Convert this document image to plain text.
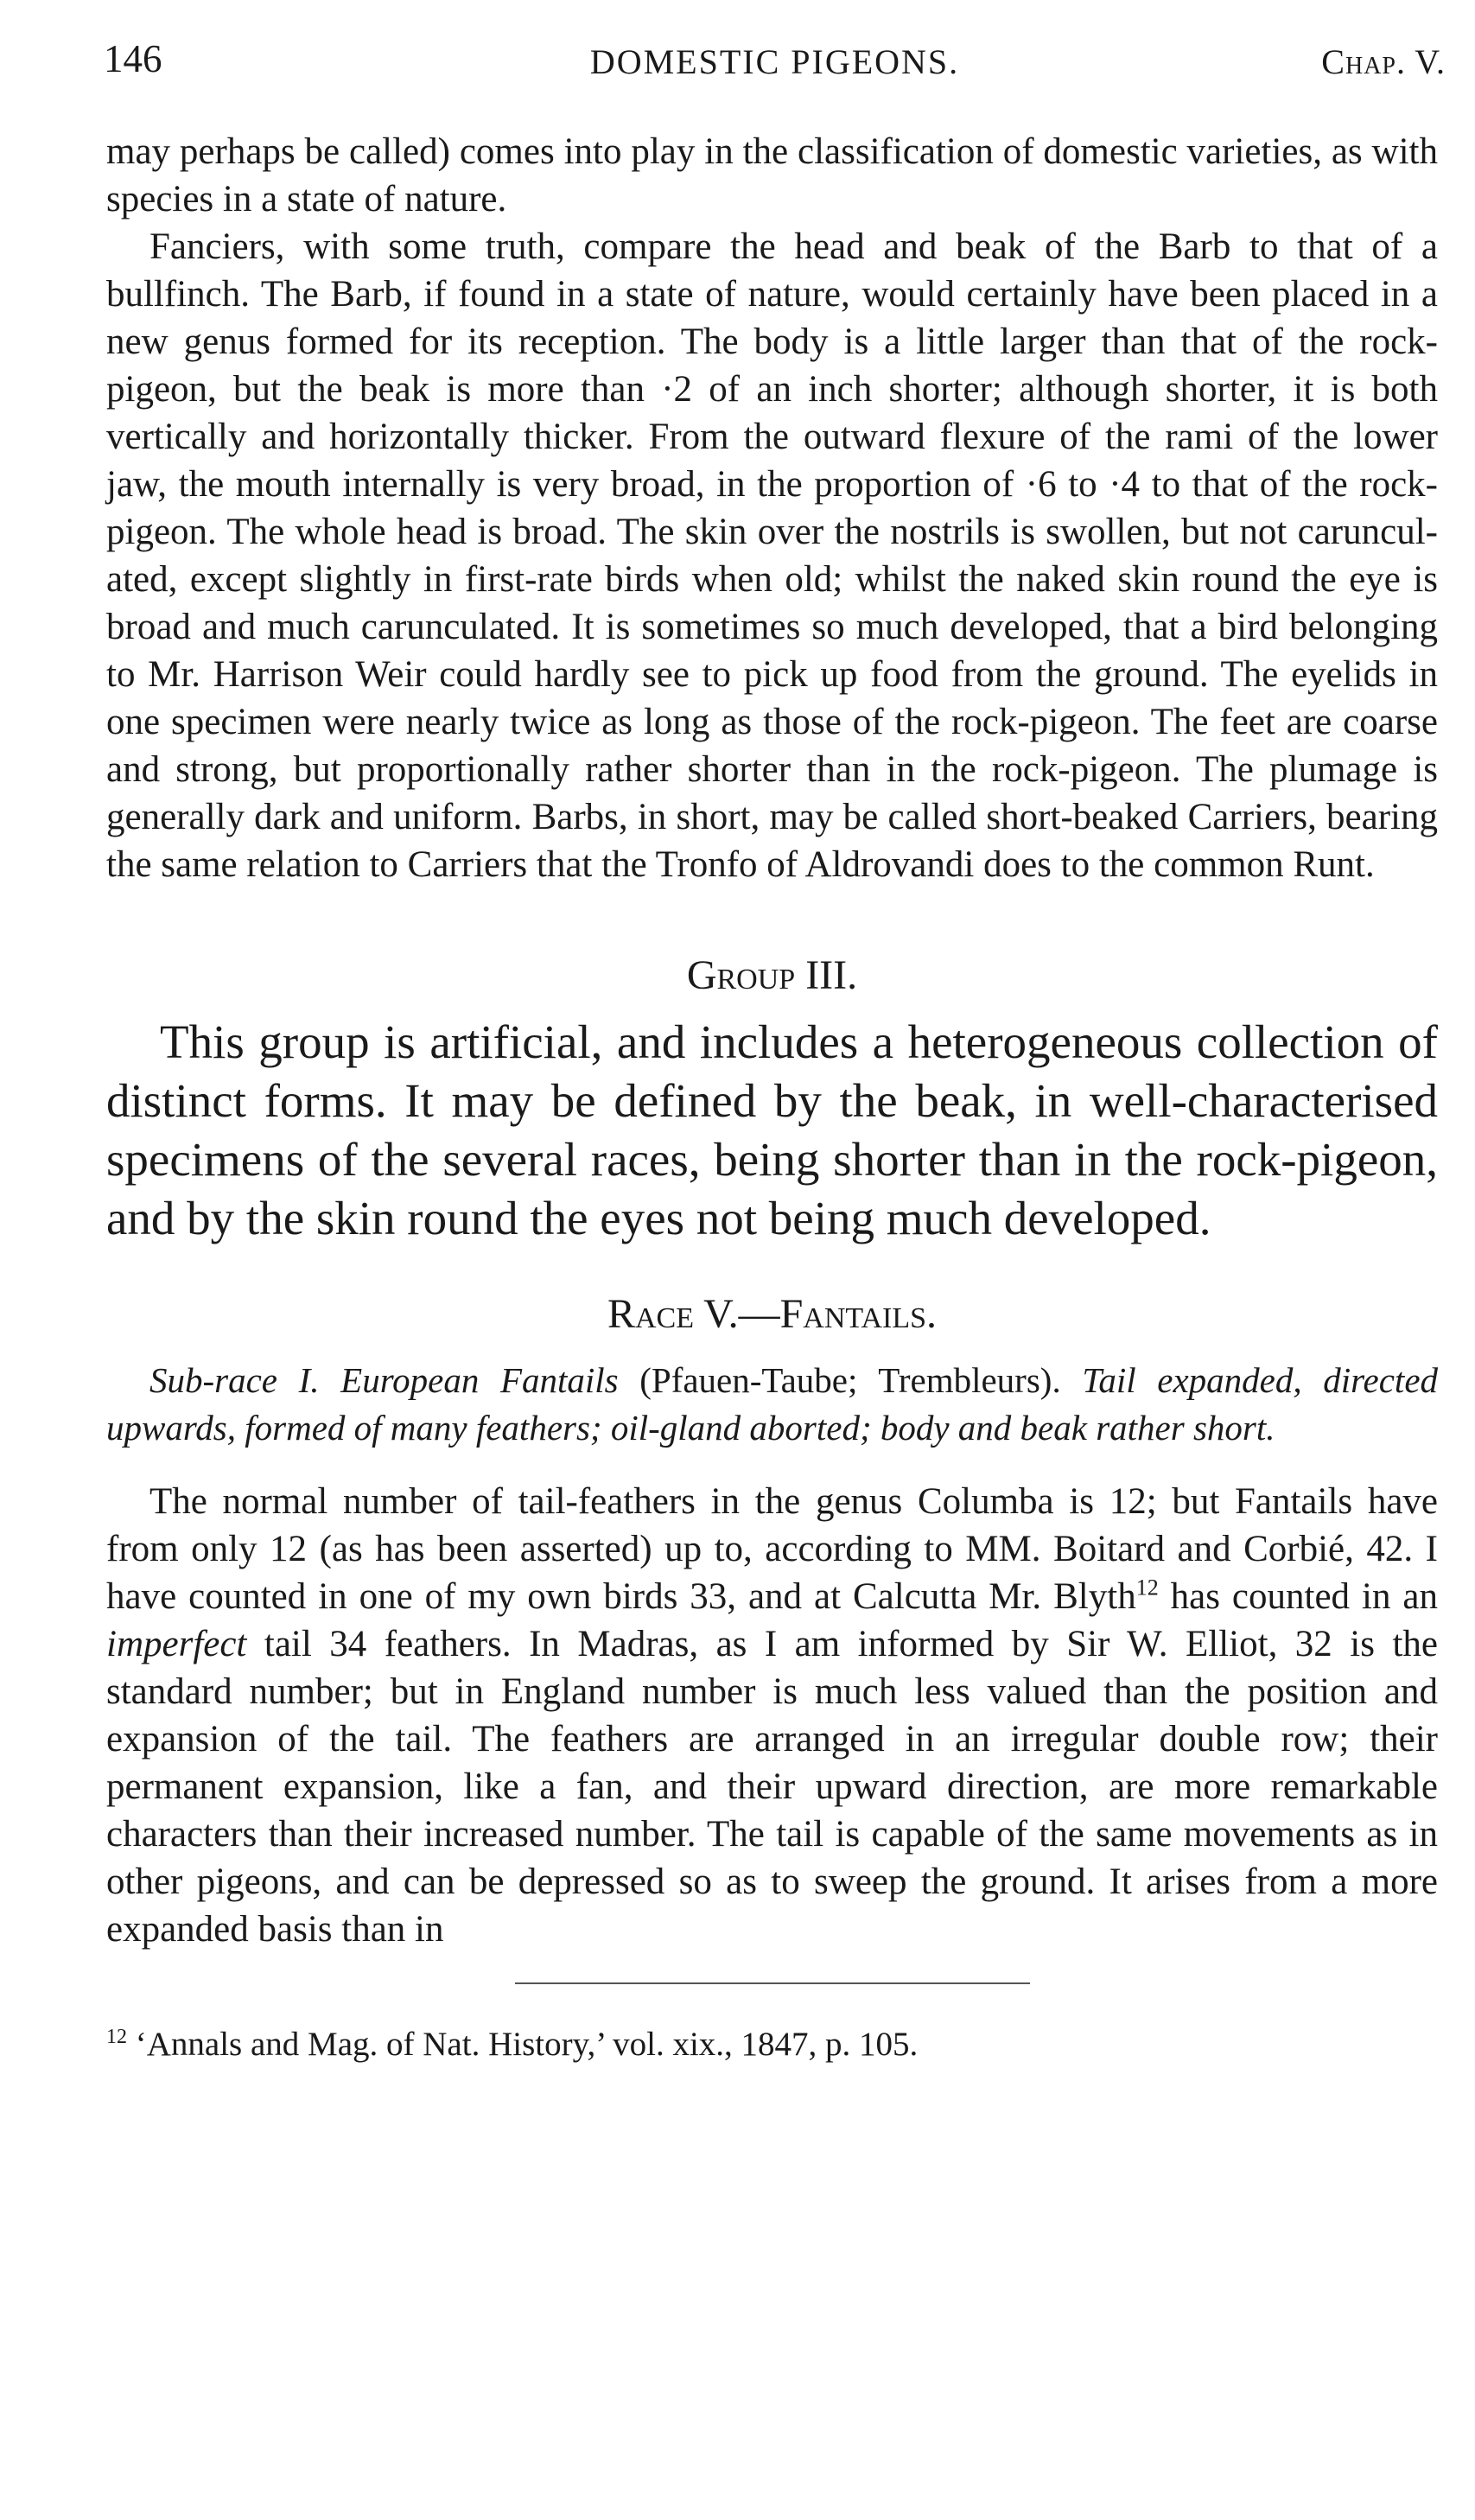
146	DOMESTIC PIGEONS.	Chap. V.

may perhaps be called) comes into play in the classification of domestic varieties, as with species in a state of nature.

Fanciers, with some truth, compare the head and beak of the Barb to that of a bullfinch. The Barb, if found in a state of nature, would certainly have been placed in a new genus formed for its reception. The body is a little larger than that of the rock-pigeon, but the beak is more than ·2 of an inch shorter; although shorter, it is both vertically and horizontally thicker. From the outward flexure of the rami of the lower jaw, the mouth internally is very broad, in the proportion of ·6 to ·4 to that of the rock-pigeon. The whole head is broad. The skin over the nostrils is swollen, but not carunculated, except slightly in first-rate birds when old; whilst the naked skin round the eye is broad and much carunculated. It is sometimes so much developed, that a bird belonging to Mr. Harrison Weir could hardly see to pick up food from the ground. The eyelids in one specimen were nearly twice as long as those of the rock-pigeon. The feet are coarse and strong, but proportionally rather shorter than in the rock-pigeon. The plumage is generally dark and uniform. Barbs, in short, may be called short-beaked Carriers, bearing the same relation to Carriers that the Tronfo of Aldrovandi does to the common Runt.

Group III.

This group is artificial, and includes a heterogeneous collection of distinct forms. It may be defined by the beak, in well-characterised specimens of the several races, being shorter than in the rock-pigeon, and by the skin round the eyes not being much developed.

Race V.—Fantails.

Sub-race I. European Fantails (Pfauen-Taube; Trembleurs). Tail expanded, directed upwards, formed of many feathers; oil-gland aborted; body and beak rather short.

The normal number of tail-feathers in the genus Columba is 12; but Fantails have from only 12 (as has been asserted) up to, according to MM. Boitard and Corbié, 42. I have counted in one of my own birds 33, and at Calcutta Mr. Blyth$^{12}$ has counted in an imperfect tail 34 feathers. In Madras, as I am informed by Sir W. Elliot, 32 is the standard number; but in England number is much less valued than the position and expansion of the tail. The feathers are arranged in an irregular double row; their permanent expansion, like a fan, and their upward direction, are more remarkable characters than their increased number. The tail is capable of the same movements as in other pigeons, and can be depressed so as to sweep the ground. It arises from a more expanded basis than in

$^{12}$ ‘Annals and Mag. of Nat. History,’ vol. xix., 1847, p. 105.
